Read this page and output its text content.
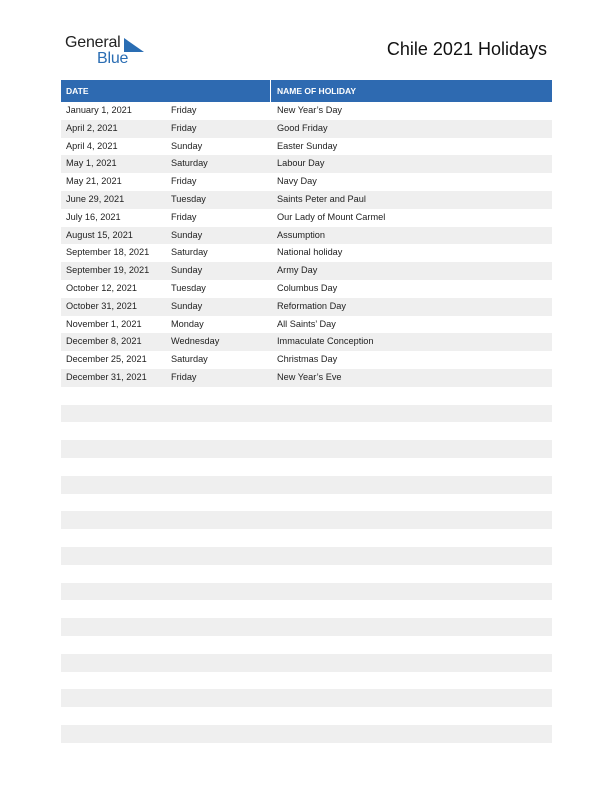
General
Blue	Chile 2021 Holidays
DATE	NAME OF HOLIDAY
January 1, 2021	Friday	New Year’s Day
April 2, 2021	Friday	Good Friday
April 4, 2021	Sunday	Easter Sunday
May 1, 2021	Saturday	Labour Day
May 21, 2021	Friday	Navy Day
June 29, 2021	Tuesday	Saints Peter and Paul
July 16, 2021	Friday	Our Lady of Mount Carmel
August 15, 2021	Sunday	Assumption
September 18, 2021	Saturday	National holiday
September 19, 2021	Sunday	Army Day
October 12, 2021	Tuesday	Columbus Day
October 31, 2021	Sunday	Reformation Day
November 1, 2021	Monday	All Saints’ Day
December 8, 2021	Wednesday	Immaculate Conception
December 25, 2021	Saturday	Christmas Day
December 31, 2021	Friday	New Year’s Eve
